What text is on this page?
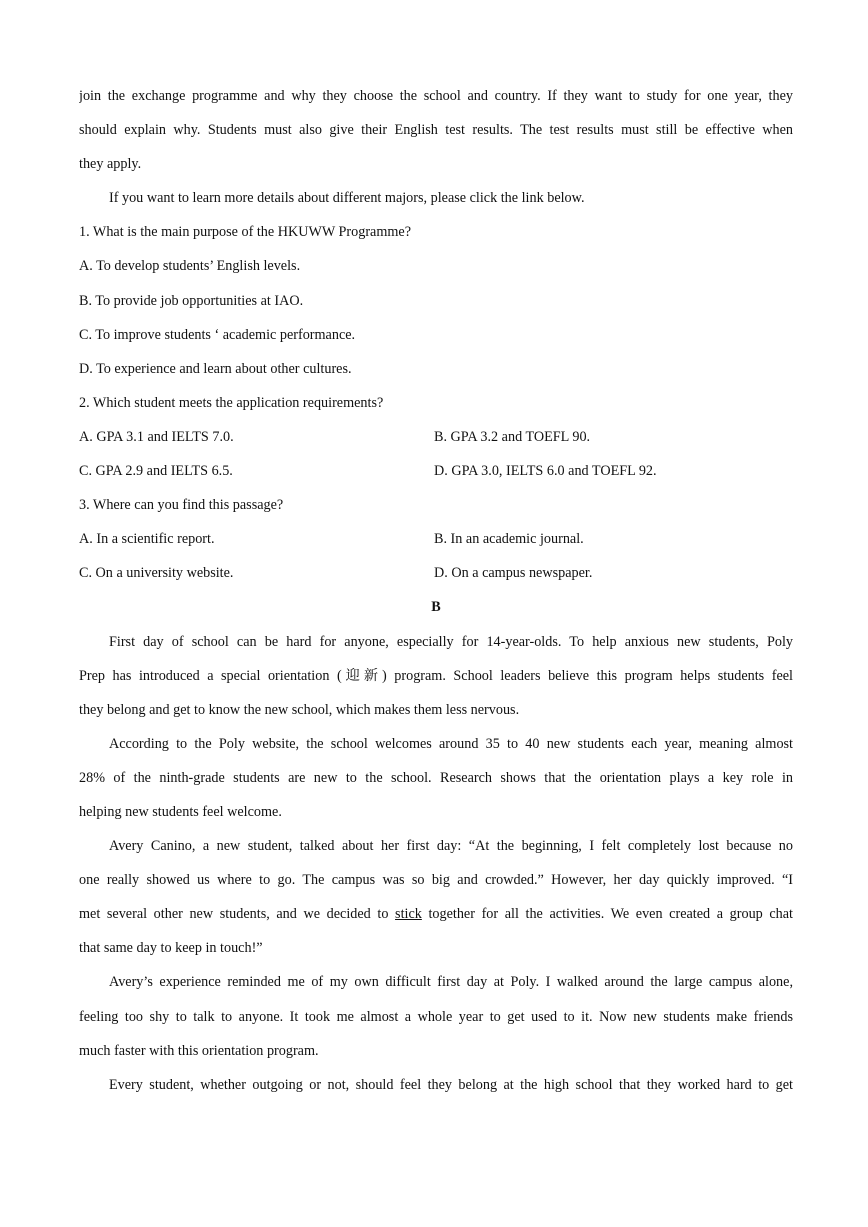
join the exchange programme and why they choose the school and country. If they want to study for one year, they
should explain why. Students must also give their English test results. The test results must still be effective when
they apply.
If you want to learn more details about different majors, please click the link below.
1. What is the main purpose of the HKUWW Programme?
A. To develop students’ English levels.
B. To provide job opportunities at IAO.
C. To improve students ‘ academic performance.
D. To experience and learn about other cultures.
2. Which student meets the application requirements?
A. GPA 3.1 and IELTS 7.0.	B. GPA 3.2 and TOEFL 90.
C. GPA 2.9 and IELTS 6.5.	D. GPA 3.0, IELTS 6.0 and TOEFL 92.
3. Where can you find this passage?
A. In a scientific report.	B. In an academic journal.
C. On a university website.	D. On a campus newspaper.
B
First day of school can be hard for anyone, especially for 14-year-olds. To help anxious new students, Poly
Prep has introduced a special orientation (迎新) program. School leaders believe this program helps students feel
they belong and get to know the new school, which makes them less nervous.
According to the Poly website, the school welcomes around 35 to 40 new students each year, meaning almost
28% of the ninth-grade students are new to the school. Research shows that the orientation plays a key role in
helping new students feel welcome.
Avery Canino, a new student, talked about her first day: “At the beginning, I felt completely lost because no
one really showed us where to go. The campus was so big and crowded.” However, her day quickly improved. “I
met several other new students, and we decided to stick together for all the activities. We even created a group chat
that same day to keep in touch!”
Avery’s experience reminded me of my own difficult first day at Poly. I walked around the large campus alone,
feeling too shy to talk to anyone. It took me almost a whole year to get used to it. Now new students make friends
much faster with this orientation program.
Every student, whether outgoing or not, should feel they belong at the high school that they worked hard to get
